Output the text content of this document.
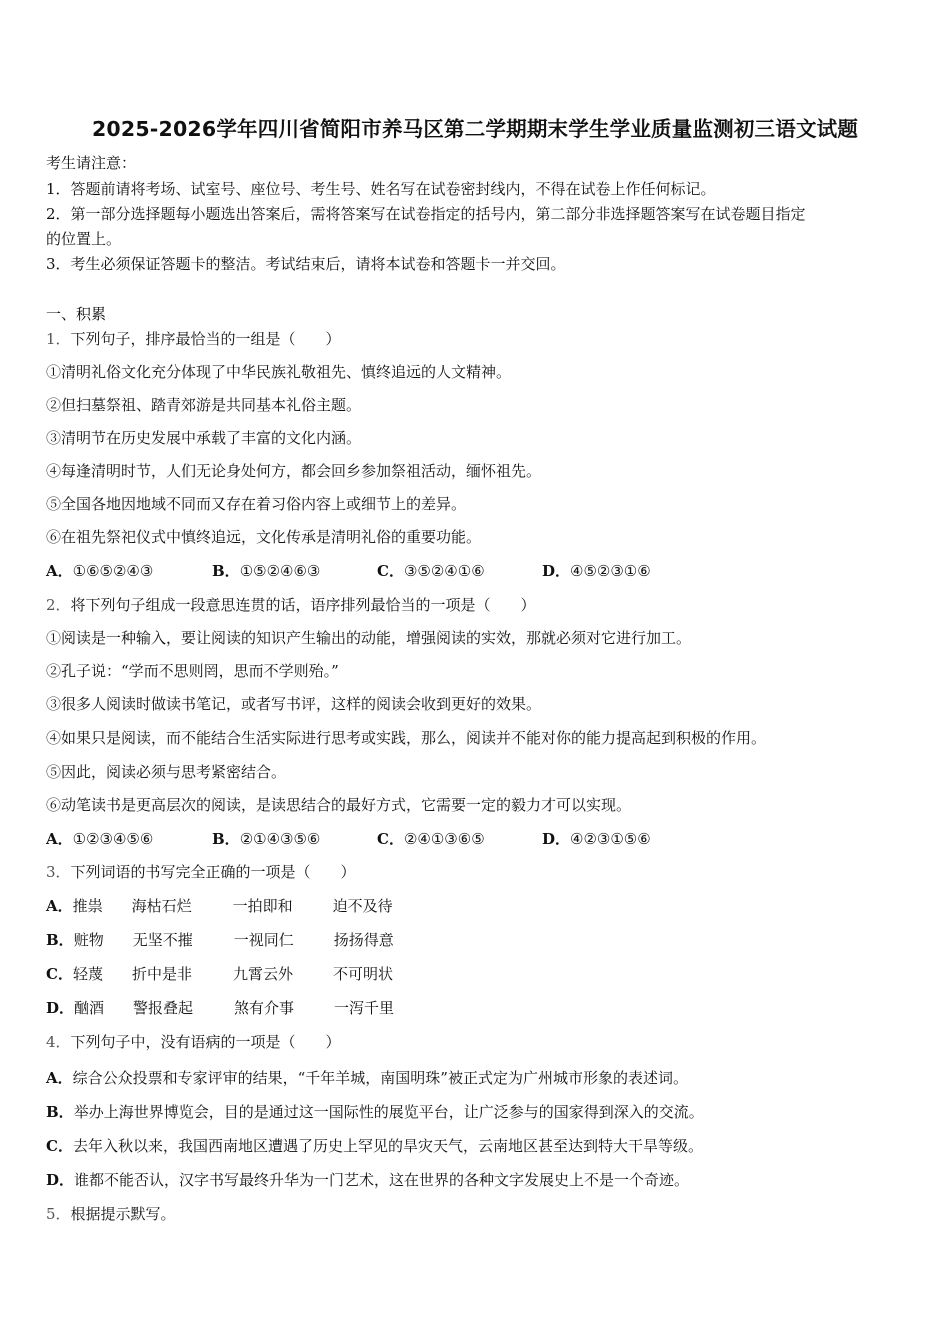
2025-2026学年四川省简阳市养马区第二学期期末学生学业质量监测初三语文试题
考生请注意：
1．答题前请将考场、试室号、座位号、考生号、姓名写在试卷密封线内，不得在试卷上作任何标记。
2．第一部分选择题每小题选出答案后，需将答案写在试卷指定的括号内，第二部分非选择题答案写在试卷题目指定
的位置上。
3．考生必须保证答题卡的整洁。考试结束后，请将本试卷和答题卡一并交回。
一、积累
1．下列句子，排序最恰当的一组是（　　）
①清明礼俗文化充分体现了中华民族礼敬祖先、慎终追远的人文精神。
②但扫墓祭祖、踏青郊游是共同基本礼俗主题。
③清明节在历史发展中承载了丰富的文化内涵。
④每逢清明时节，人们无论身处何方，都会回乡参加祭祖活动，缅怀祖先。
⑤全国各地因地域不同而又存在着习俗内容上或细节上的差异。
⑥在祖先祭祀仪式中慎终追远，文化传承是清明礼俗的重要功能。
A．①⑥⑤②④③	B．①⑤②④⑥③	C．③⑤②④①⑥	D．④⑤②③①⑥
2．将下列句子组成一段意思连贯的话，语序排列最恰当的一项是（　　）
①阅读是一种输入，要让阅读的知识产生输出的动能，增强阅读的实效，那就必须对它进行加工。
②孔子说：“学而不思则罔，思而不学则殆。”
③很多人阅读时做读书笔记，或者写书评，这样的阅读会收到更好的效果。
④如果只是阅读，而不能结合生活实际进行思考或实践，那么，阅读并不能对你的能力提高起到积极的作用。
⑤因此，阅读必须与思考紧密结合。
⑥动笔读书是更高层次的阅读，是读思结合的最好方式，它需要一定的毅力才可以实现。
A．①②③④⑤⑥	B．②①④③⑤⑥	C．②④①③⑥⑤	D．④②③①⑤⑥
3．下列词语的书写完全正确的一项是（　　）
A．推祟 海枯石烂	一拍即和	迫不及待
B．赃物 无坚不摧	一视同仁	扬扬得意
C．轻蔑 折中是非	九霄云外	不可明状
D．酗酒 警报叠起	煞有介事	一泻千里
4．下列句子中，没有语病的一项是（　　）
A．综合公众投票和专家评审的结果，“千年羊城，南国明珠”被正式定为广州城市形象的表述词。
B．举办上海世界博览会，目的是通过这一国际性的展览平台，让广泛参与的国家得到深入的交流。
C．去年入秋以来，我国西南地区遭遇了历史上罕见的旱灾天气，云南地区甚至达到特大干旱等级。
D．谁都不能否认，汉字书写最终升华为一门艺术，这在世界的各种文字发展史上不是一个奇迹。
5．根据提示默写。
